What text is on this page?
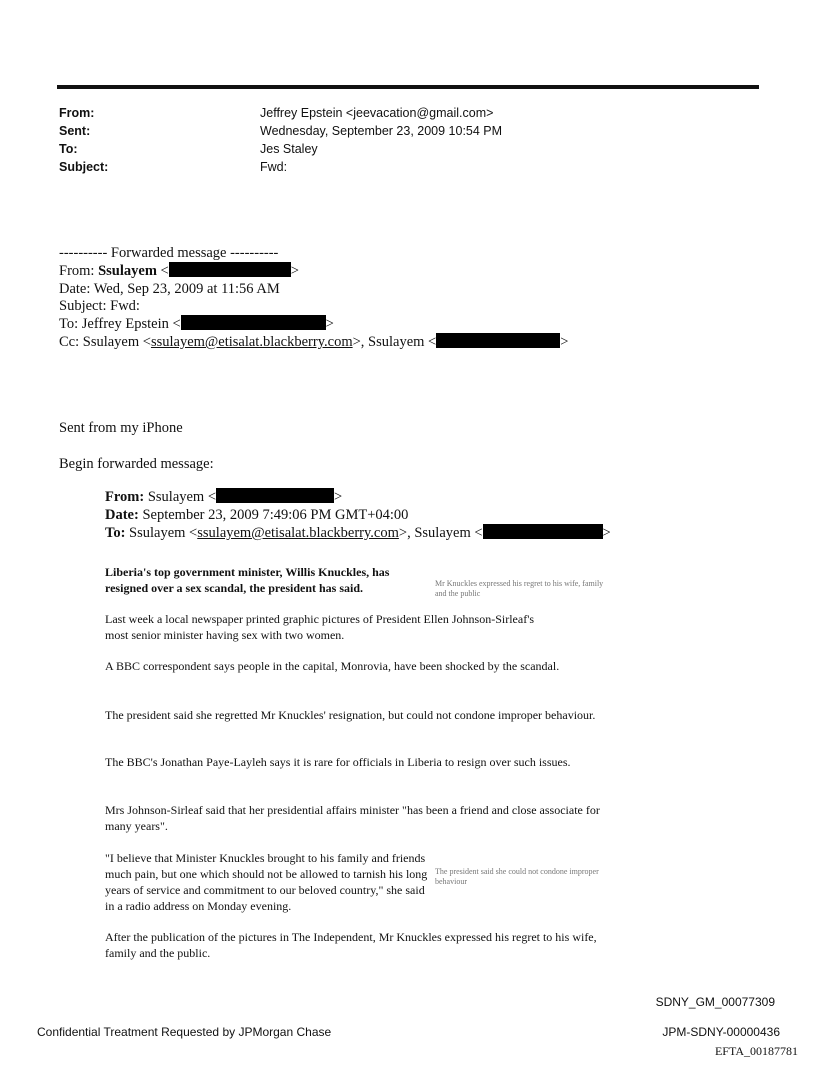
From:	Jeffrey Epstein <jeevacation@gmail.com>
Sent:	Wednesday, September 23, 2009 10:54 PM
To:	Jes Staley
Subject:	Fwd:
---------- Forwarded message ----------
From: Ssulayem <	>
Date: Wed, Sep 23, 2009 at 11:56 AM
Subject: Fwd:
To: Jeffrey Epstein <	>
Cc: Ssulayem <ssulayem@etisalat.blackberry.com>, Ssulayem <	>
Sent from my iPhone
Begin forwarded message:
From: Ssulayem <	>
Date: September 23, 2009 7:49:06 PM GMT+04:00
To: Ssulayem <ssulayem@etisalat.blackberry.com>, Ssulayem <	>
Liberia's top government minister, Willis Knuckles, has resigned over a sex scandal, the president has said.	Mr Knuckles expressed his regret to his wife, family and the public
Last week a local newspaper printed graphic pictures of President Ellen Johnson-Sirleaf's most senior minister having sex with two women.
A BBC correspondent says people in the capital, Monrovia, have been shocked by the scandal.
The president said she regretted Mr Knuckles' resignation, but could not condone improper behaviour.
The BBC's Jonathan Paye-Layleh says it is rare for officials in Liberia to resign over such issues.
Mrs Johnson-Sirleaf said that her presidential affairs minister "has been a friend and close associate for many years".
"I believe that Minister Knuckles brought to his family and friends much pain, but one which should not be allowed to tarnish his long years of service and commitment to our beloved country," she said in a radio address on Monday evening.
The president said she could not condone improper behaviour
After the publication of the pictures in The Independent, Mr Knuckles expressed his regret to his wife, family and the public.
SDNY_GM_00077309
Confidential Treatment Requested by JPMorgan Chase	JPM-SDNY-00000436
EFTA_00187781
